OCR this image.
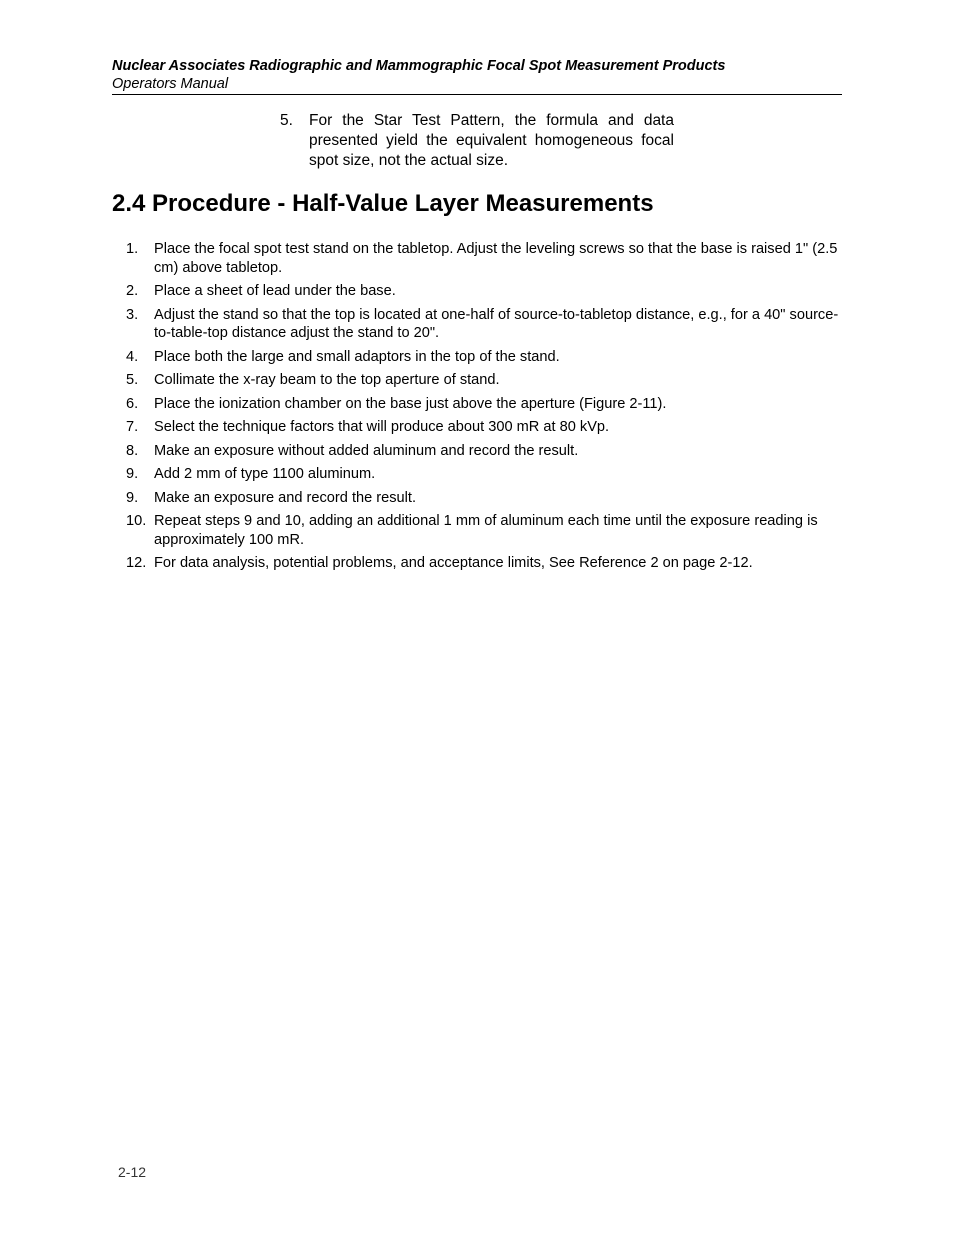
Nuclear Associates Radiographic and Mammographic Focal Spot Measurement Products
Operators Manual
5. For the Star Test Pattern, the formula and data presented yield the equivalent homogeneous focal spot size, not the actual size.
2.4 Procedure - Half-Value Layer Measurements
1. Place the focal spot test stand on the tabletop. Adjust the leveling screws so that the base is raised 1" (2.5 cm) above tabletop.
2. Place a sheet of lead under the base.
3. Adjust the stand so that the top is located at one-half of source-to-tabletop distance, e.g., for a 40" source-to-table-top distance adjust the stand to 20".
4. Place both the large and small adaptors in the top of the stand.
5. Collimate the x-ray beam to the top aperture of stand.
6. Place the ionization chamber on the base just above the aperture (Figure 2-11).
7. Select the technique factors that will produce about 300 mR at 80 kVp.
8. Make an exposure without added aluminum and record the result.
9. Add 2 mm of type 1100 aluminum.
9. Make an exposure and record the result.
10. Repeat steps 9 and 10, adding an additional 1 mm of aluminum each time until the exposure reading is approximately 100 mR.
12. For data analysis, potential problems, and acceptance limits, See Reference 2 on page 2-12.
2-12
